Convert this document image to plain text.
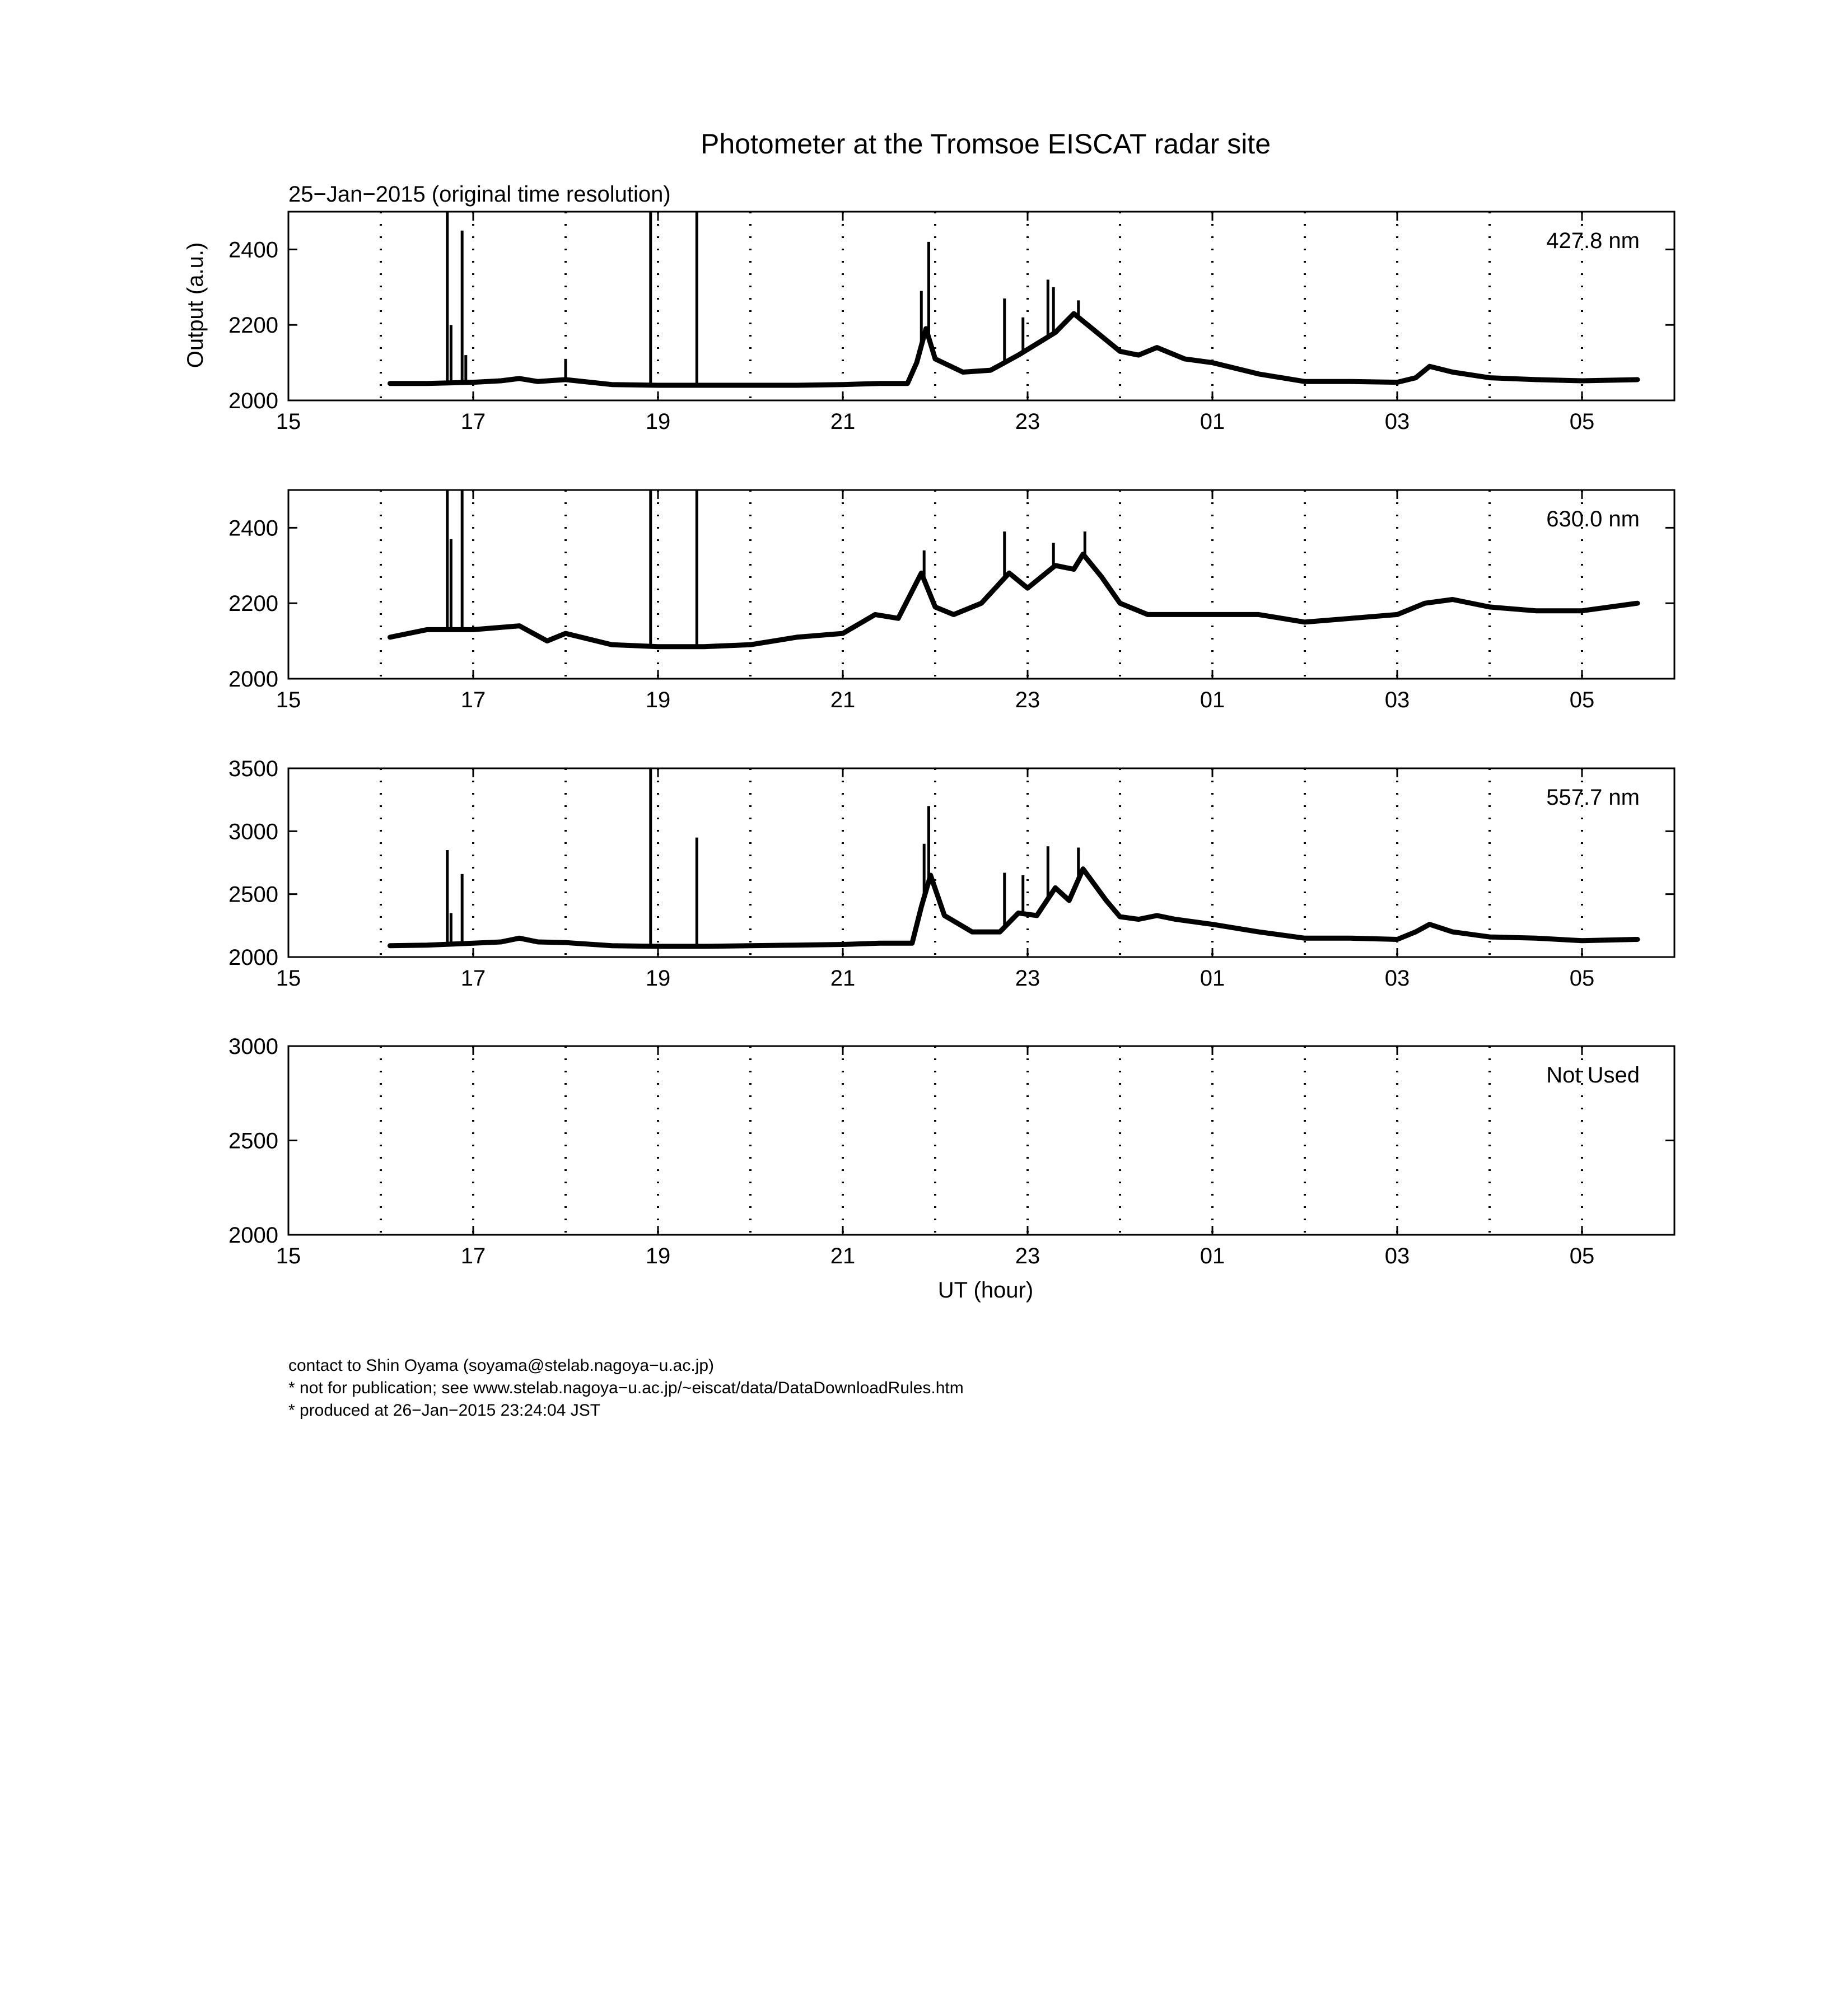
Photometer at the Tromsoe EISCAT radar site
25−Jan−2015 (original time resolution)
Output (a.u.)
UT (hour)
15	17	19	21	23	01	03	05
2000
2200
2400	427.8 nm
15	17	19	21	23	01	03	05
2000
2200
2400	630.0 nm
15	17	19	21	23	01	03	05
2000
2500
3000
3500
557.7 nm
15	17	19	21	23	01	03	05
2000
2500
3000
Not Used
contact to Shin Oyama (soyama@stelab.nagoya−u.ac.jp)
* not for publication; see www.stelab.nagoya−u.ac.jp/~eiscat/data/DataDownloadRules.htm
* produced at 26−Jan−2015 23:24:04 JST
